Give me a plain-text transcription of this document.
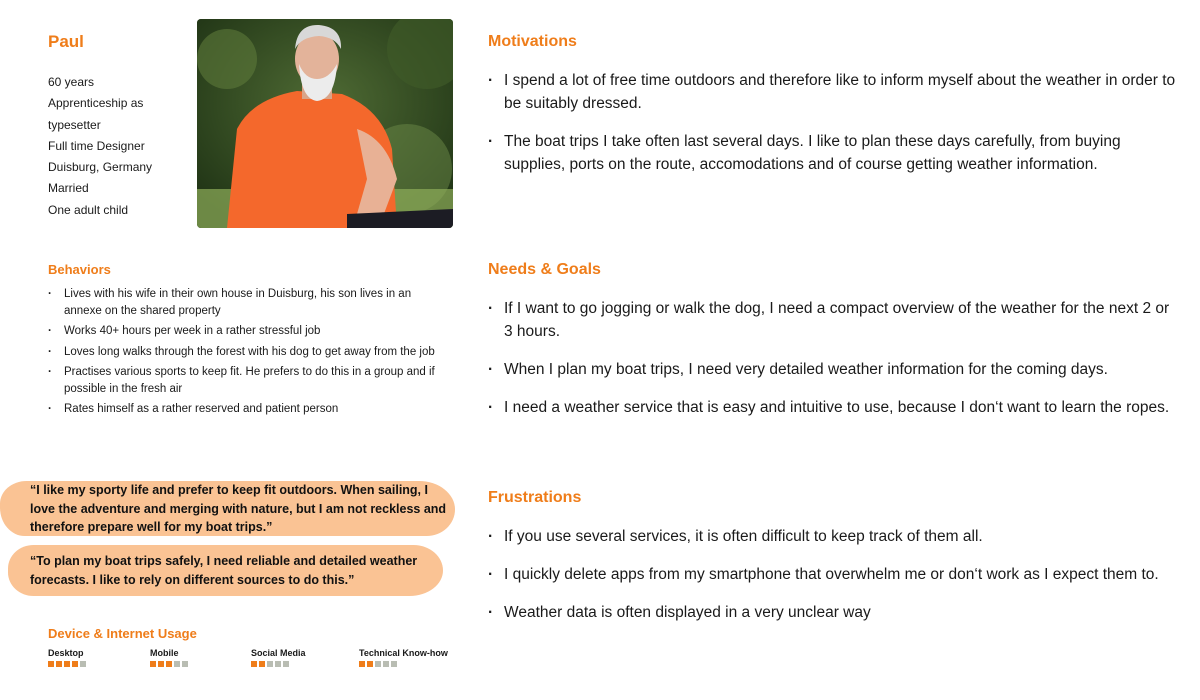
Paul
60 years
Apprenticeship as typesetter
Full time Designer
Duisburg, Germany
Married
One adult child
Behaviors
· Lives with his wife in their own house in Duisburg, his son lives in an annexe on the shared property
· Works 40+ hours per week in a rather stressful job
· Loves long walks through the forest with his dog to get away from the job
· Practises various sports to keep fit. He prefers to do this in a group and if possible in the fresh air
· Rates himself as a rather reserved and patient person
“I like my sporty life and prefer to keep fit outdoors. When sailing, I love the adventure and merging with nature, but I am not reckless and therefore prepare well for my boat trips.”
“To plan my boat trips safely, I need reliable and detailed weather forecasts. I like to rely on different sources to do this.”
Device & Internet Usage
Desktop	Mobile	Social Media	Technical Know-how
Motivations
· I spend a lot of free time outdoors and therefore like to inform myself about the weather in order to be suitably dressed.
· The boat trips I take often last several days. I like to plan these days carefully, from buying supplies, ports on the route, accomodations and of course getting weather information.
Needs & Goals
· If I want to go jogging or walk the dog, I need a compact overview of the weather for the next 2 or 3 hours.
· When I plan my boat trips, I need very detailed weather information for the coming days.
· I need a weather service that is easy and intuitive to use, because I don‘t want to learn the ropes.
Frustrations
· If you use several services, it is often difficult to keep track of them all.
· I quickly delete apps from my smartphone that overwhelm me or don‘t work as I expect them to.
· Weather data is often displayed in a very unclear way
